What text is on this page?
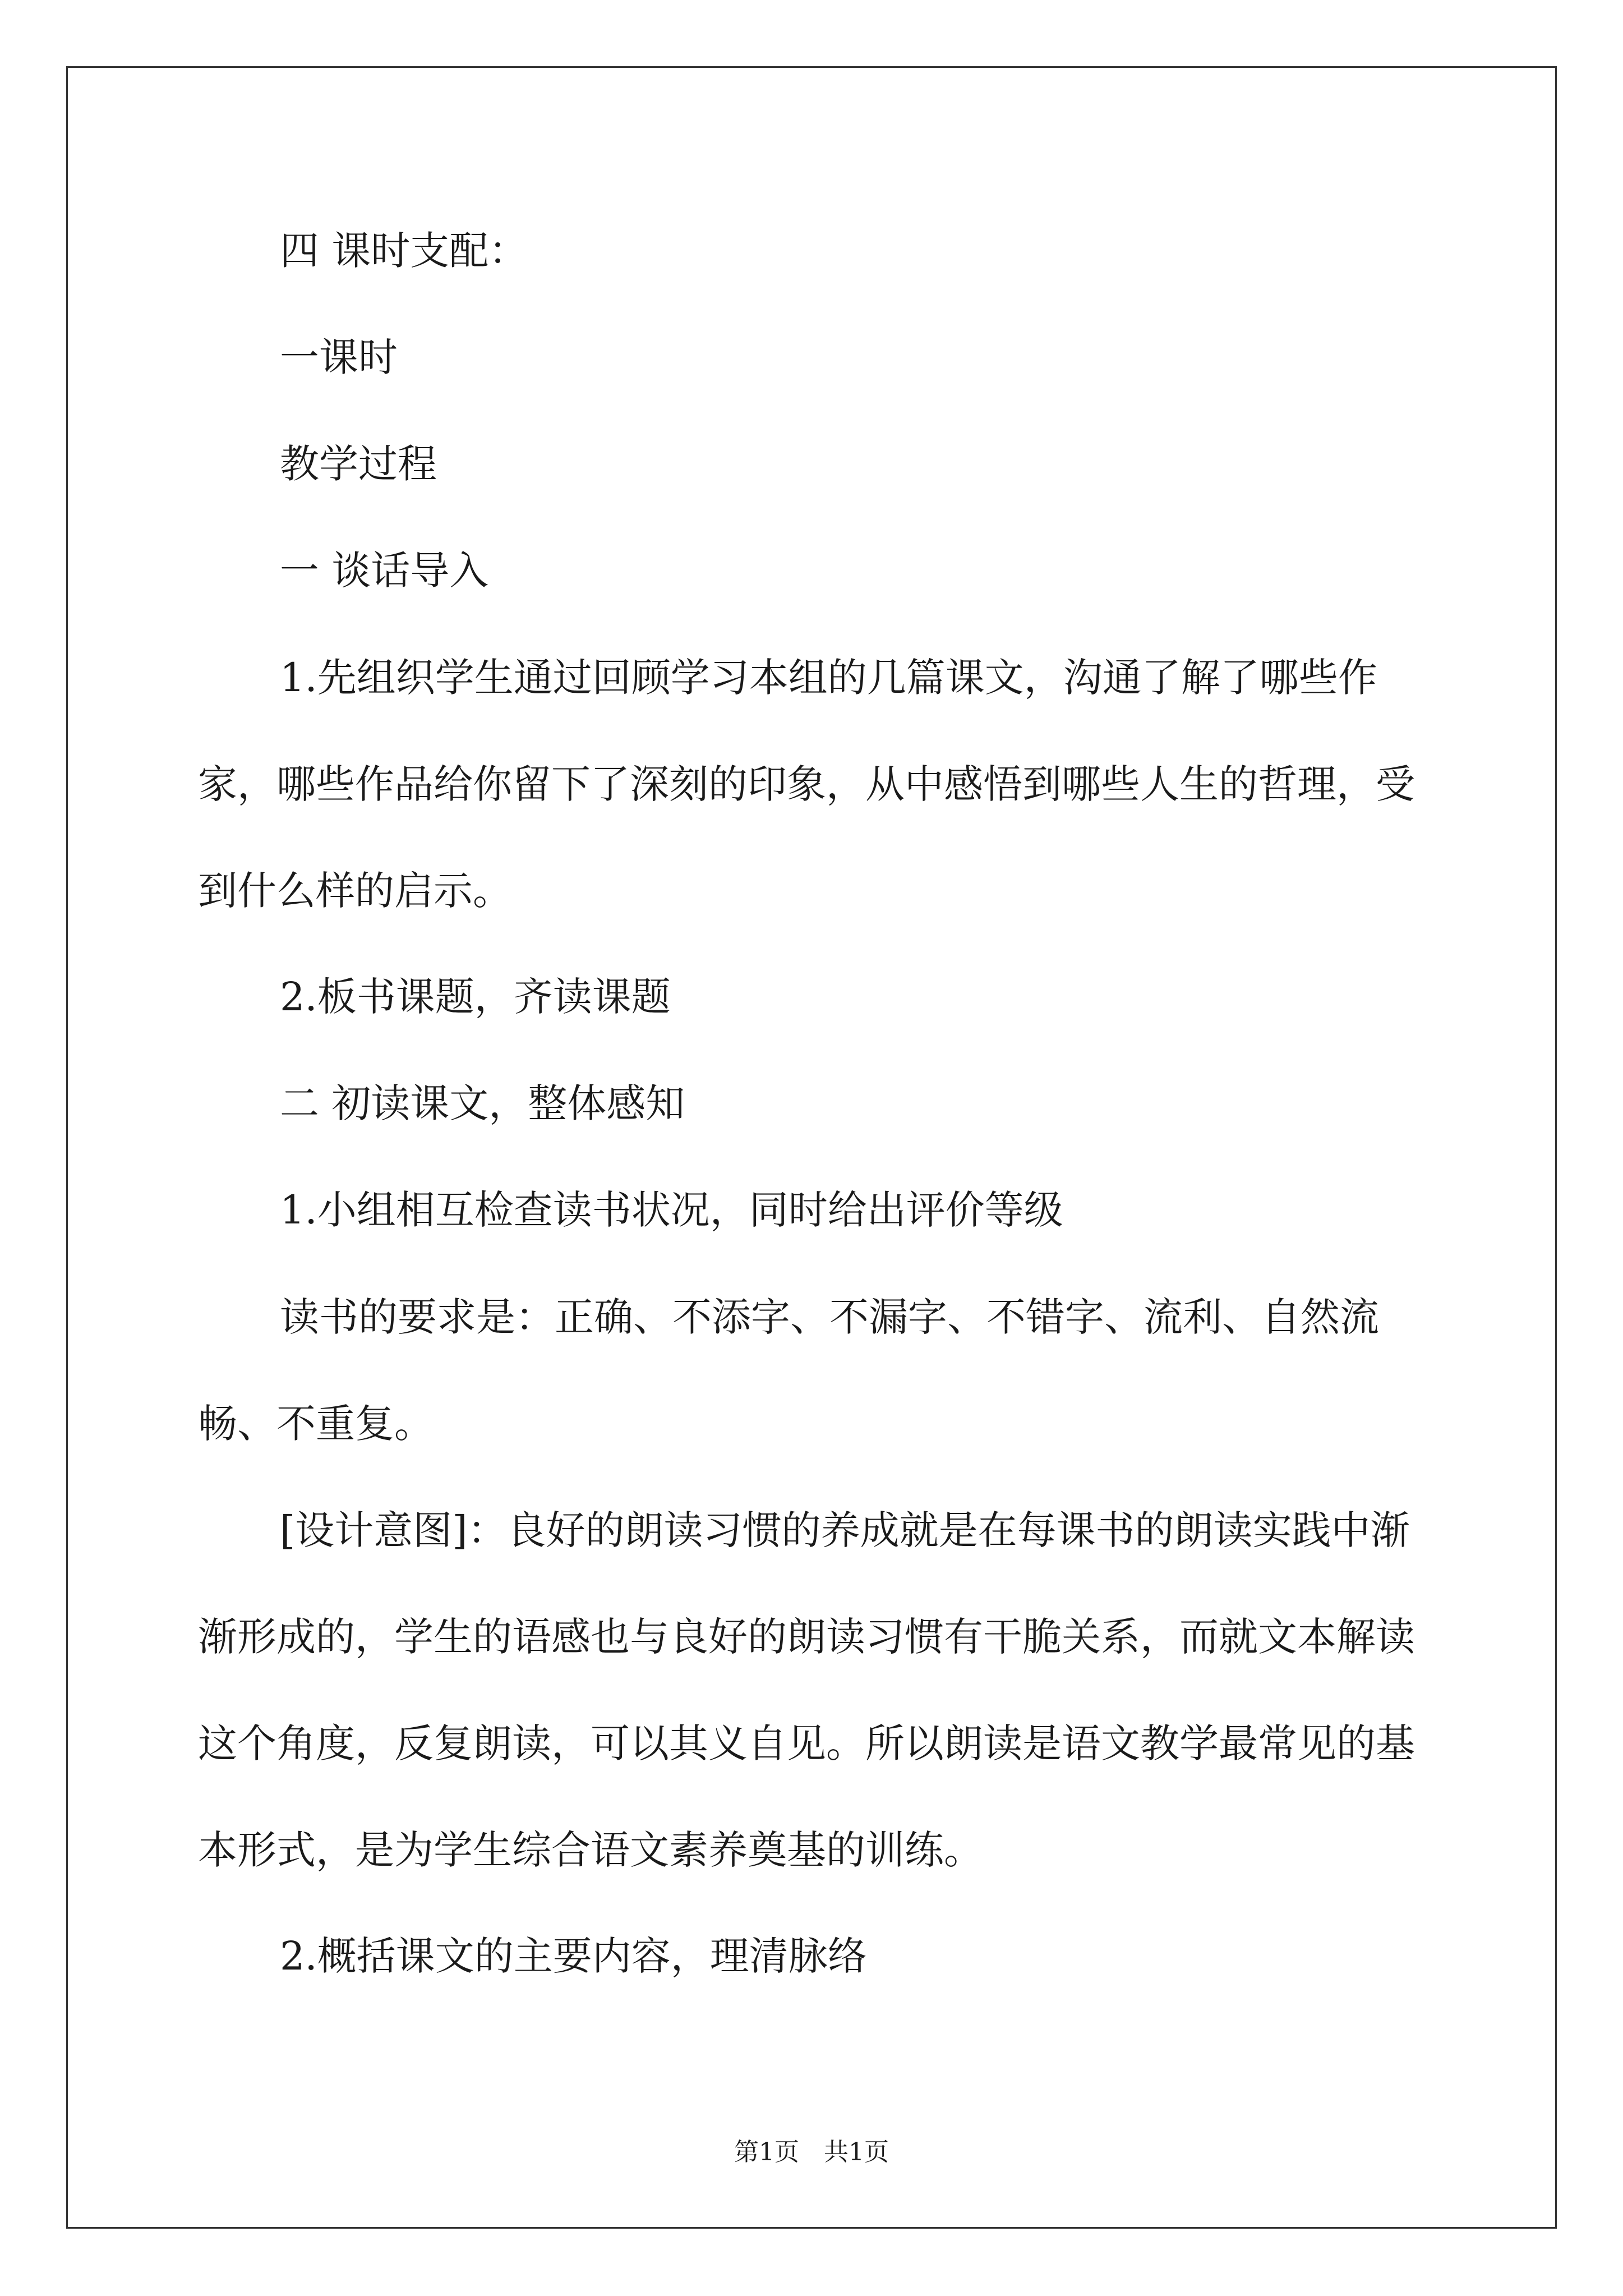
四 课时支配：
一课时
教学过程
一 谈话导入
1.先组织学生通过回顾学习本组的几篇课文，沟通了解了哪些作家，哪些作品给你留下了深刻的印象，从中感悟到哪些人生的哲理，受到什么样的启示。
2.板书课题，齐读课题
二 初读课文，整体感知
1.小组相互检查读书状况，同时给出评价等级
读书的要求是：正确、不添字、不漏字、不错字、流利、自然流畅、不重复。
[设计意图]：良好的朗读习惯的养成就是在每课书的朗读实践中渐渐形成的，学生的语感也与良好的朗读习惯有干脆关系，而就文本解读这个角度，反复朗读，可以其义自见。所以朗读是语文教学最常见的基本形式，是为学生综合语文素养奠基的训练。
2.概括课文的主要内容，理清脉络
第1页　共1页
